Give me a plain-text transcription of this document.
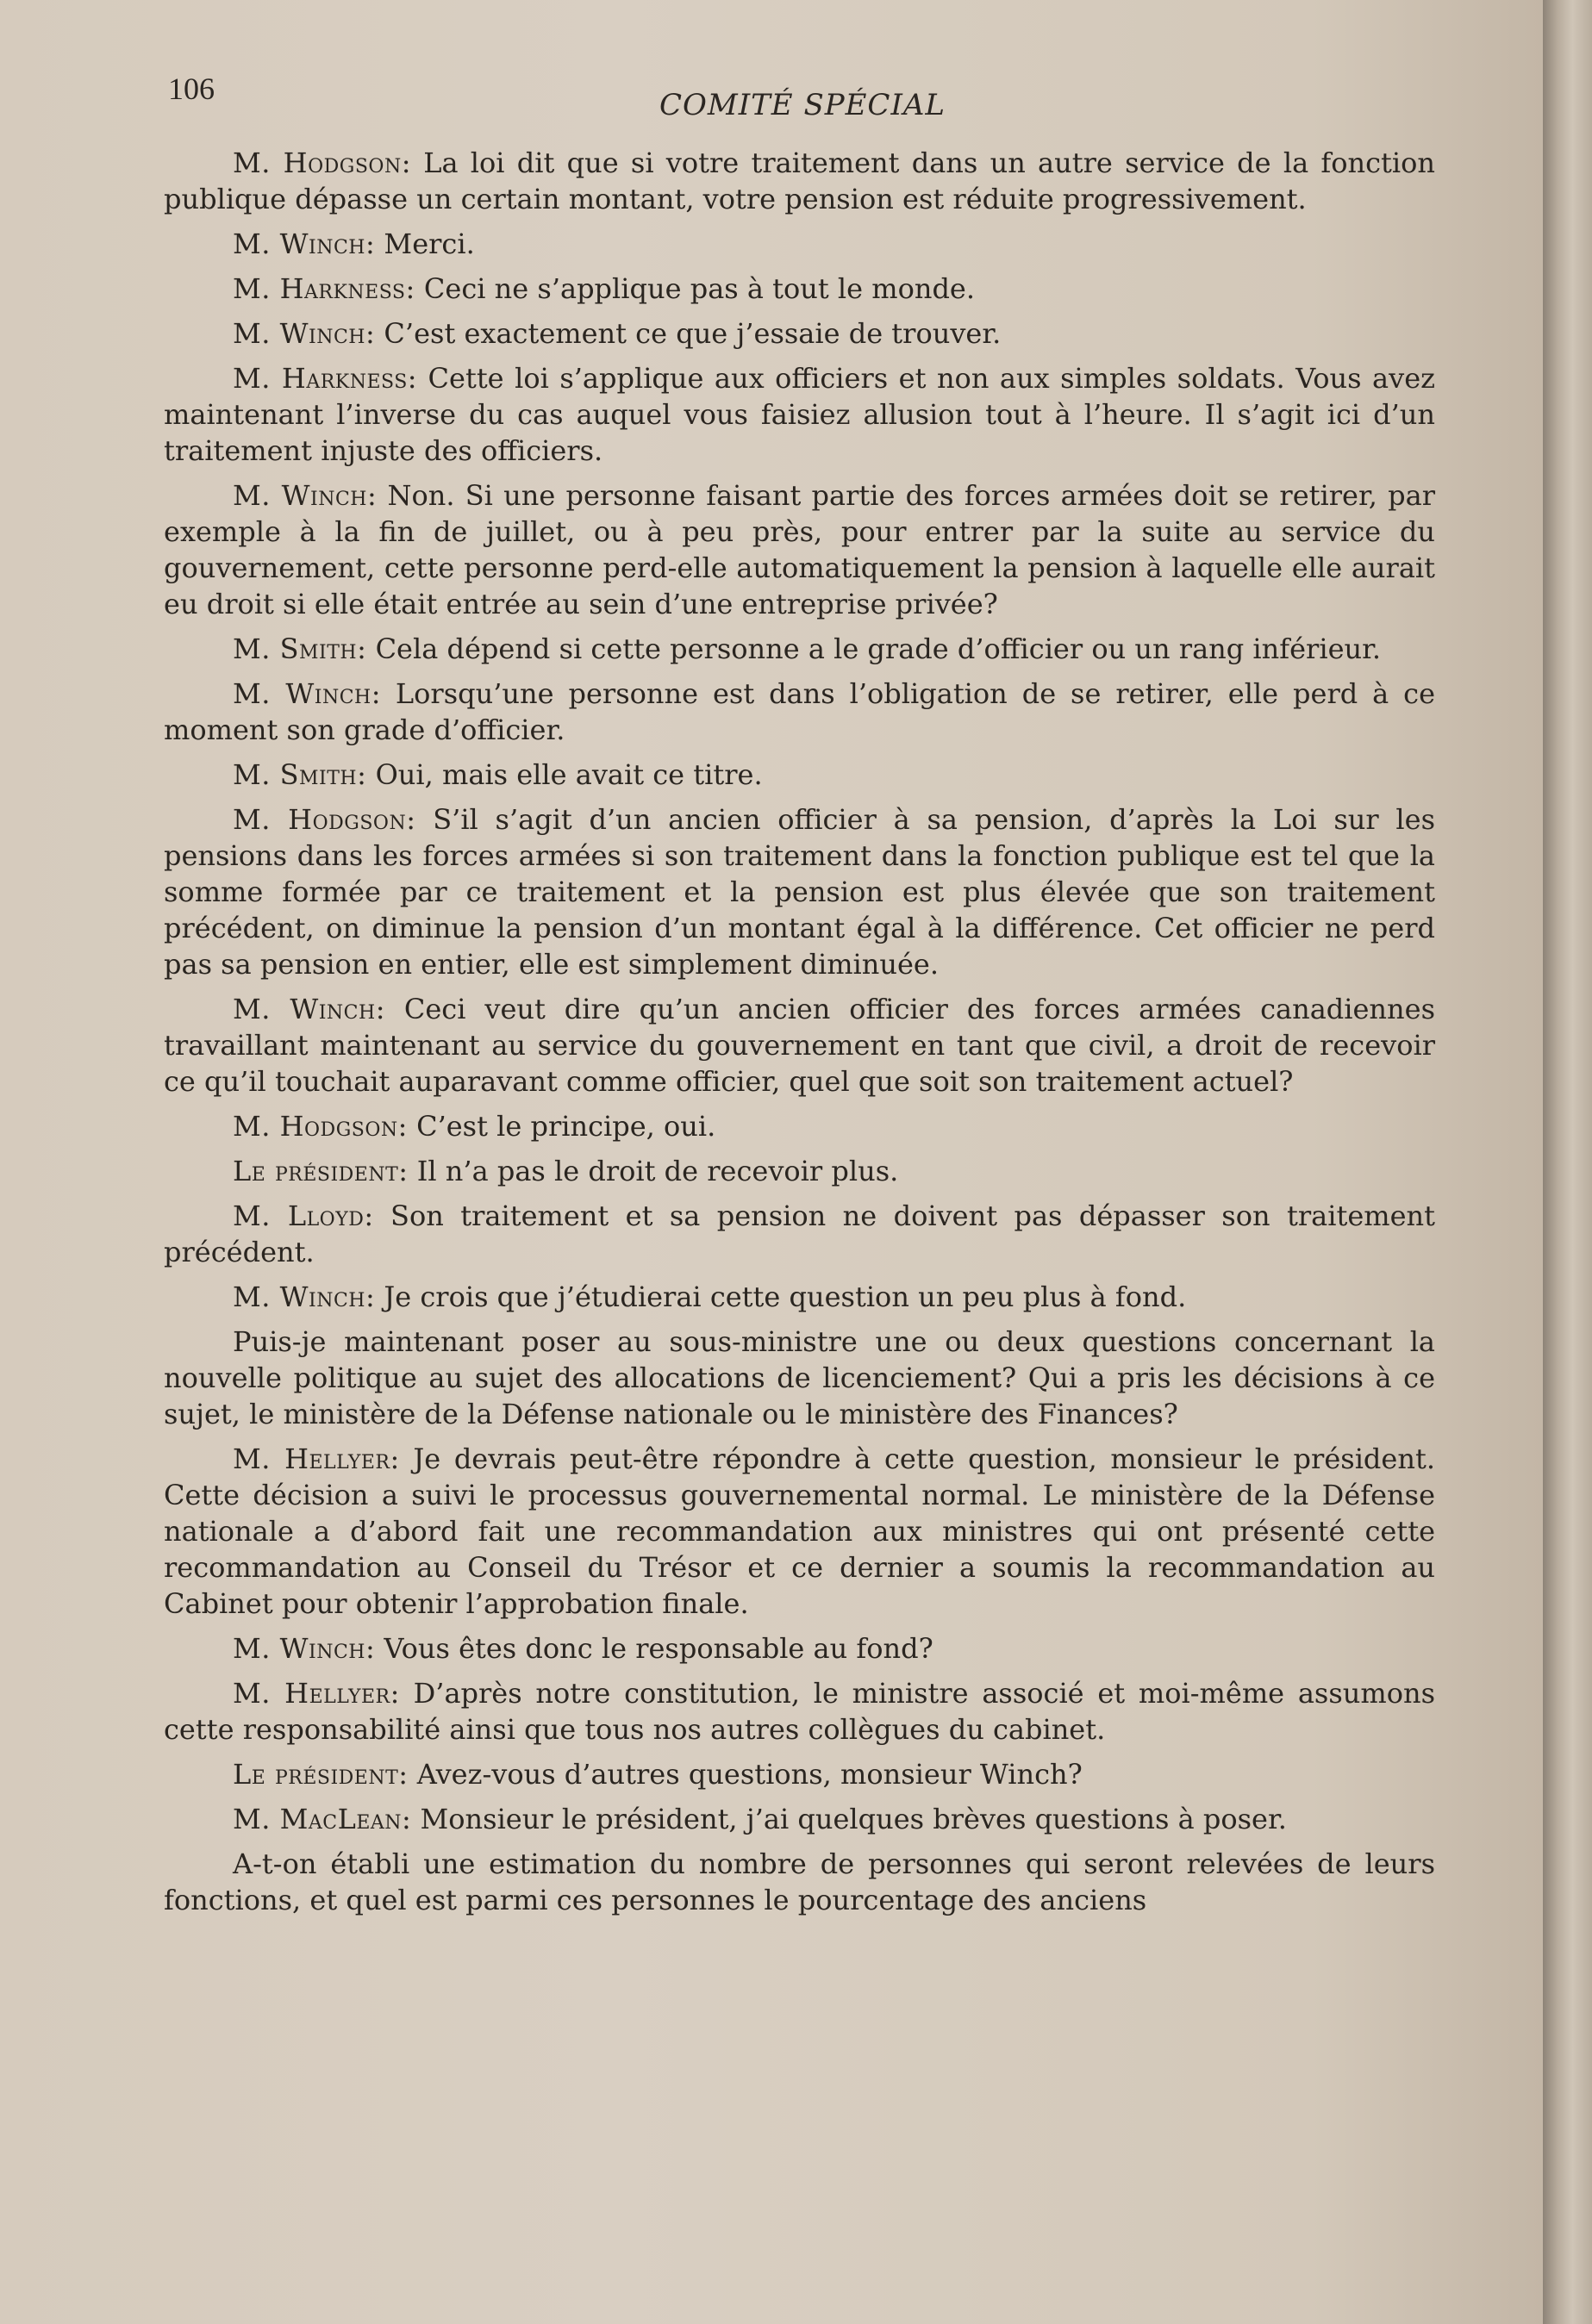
106	COMITÉ SPÉCIAL

M. Hodgson: La loi dit que si votre traitement dans un autre service de la fonction publique dépasse un certain montant, votre pension est réduite progressivement.

M. Winch: Merci.

M. Harkness: Ceci ne s’applique pas à tout le monde.

M. Winch: C’est exactement ce que j’essaie de trouver.

M. Harkness: Cette loi s’applique aux officiers et non aux simples soldats. Vous avez maintenant l’inverse du cas auquel vous faisiez allusion tout à l’heure. Il s’agit ici d’un traitement injuste des officiers.

M. Winch: Non. Si une personne faisant partie des forces armées doit se retirer, par exemple à la fin de juillet, ou à peu près, pour entrer par la suite au service du gouvernement, cette personne perd-elle automatiquement la pension à laquelle elle aurait eu droit si elle était entrée au sein d’une entreprise privée?

M. Smith: Cela dépend si cette personne a le grade d’officier ou un rang inférieur.

M. Winch: Lorsqu’une personne est dans l’obligation de se retirer, elle perd à ce moment son grade d’officier.

M. Smith: Oui, mais elle avait ce titre.

M. Hodgson: S’il s’agit d’un ancien officier à sa pension, d’après la Loi sur les pensions dans les forces armées si son traitement dans la fonction publique est tel que la somme formée par ce traitement et la pension est plus élevée que son traitement précédent, on diminue la pension d’un montant égal à la différence. Cet officier ne perd pas sa pension en entier, elle est simplement diminuée.

M. Winch: Ceci veut dire qu’un ancien officier des forces armées canadiennes travaillant maintenant au service du gouvernement en tant que civil, a droit de recevoir ce qu’il touchait auparavant comme officier, quel que soit son traitement actuel?

M. Hodgson: C’est le principe, oui.

Le président: Il n’a pas le droit de recevoir plus.

M. Lloyd: Son traitement et sa pension ne doivent pas dépasser son traitement précédent.

M. Winch: Je crois que j’étudierai cette question un peu plus à fond.

Puis-je maintenant poser au sous-ministre une ou deux questions concernant la nouvelle politique au sujet des allocations de licenciement? Qui a pris les décisions à ce sujet, le ministère de la Défense nationale ou le ministère des Finances?

M. Hellyer: Je devrais peut-être répondre à cette question, monsieur le président. Cette décision a suivi le processus gouvernemental normal. Le ministère de la Défense nationale a d’abord fait une recommandation aux ministres qui ont présenté cette recommandation au Conseil du Trésor et ce dernier a soumis la recommandation au Cabinet pour obtenir l’approbation finale.

M. Winch: Vous êtes donc le responsable au fond?

M. Hellyer: D’après notre constitution, le ministre associé et moi-même assumons cette responsabilité ainsi que tous nos autres collègues du cabinet.

Le président: Avez-vous d’autres questions, monsieur Winch?

M. MacLean: Monsieur le président, j’ai quelques brèves questions à poser.

A-t-on établi une estimation du nombre de personnes qui seront relevées de leurs fonctions, et quel est parmi ces personnes le pourcentage des anciens
